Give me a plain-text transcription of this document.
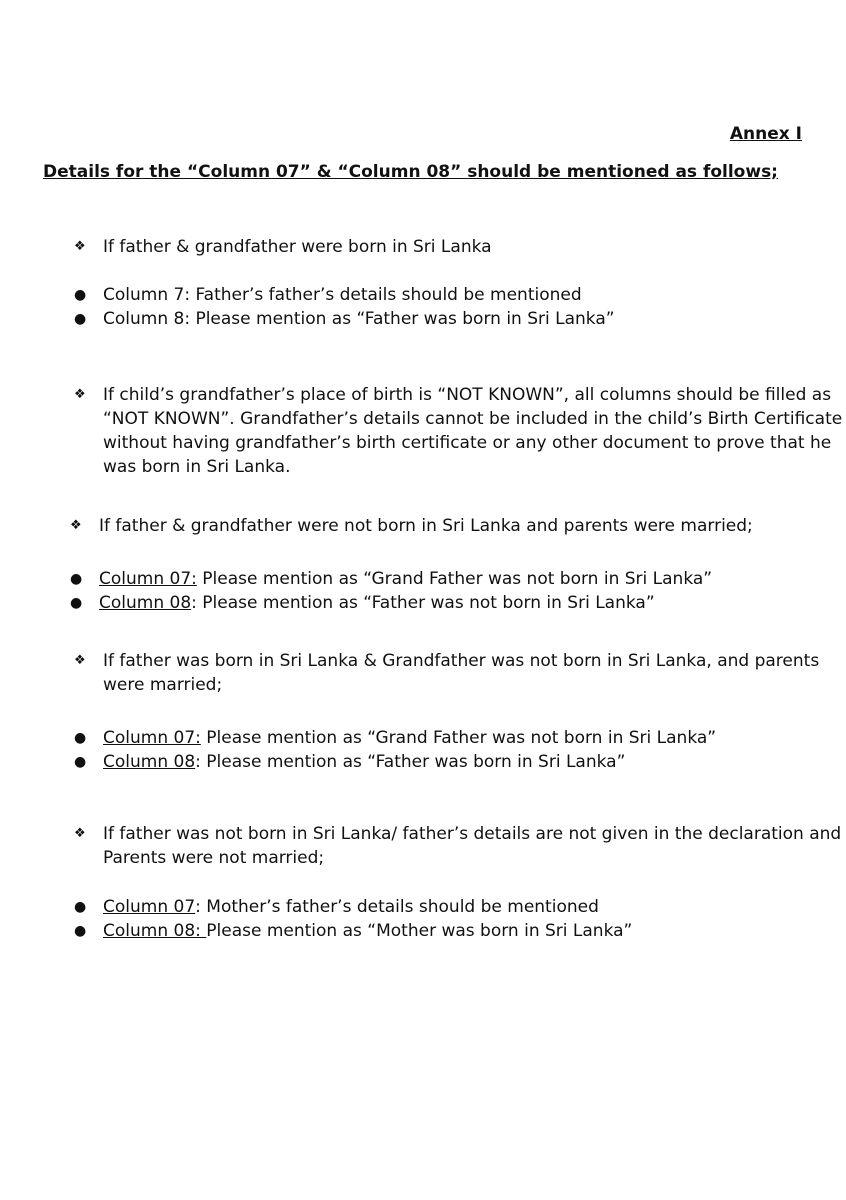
Annex I
Details for the “Column 07” & “Column 08” should be mentioned as follows;
❖ If father & grandfather were born in Sri Lanka
● Column 7: Father’s father’s details should be mentioned
● Column 8: Please mention as “Father was born in Sri Lanka”
❖ If child’s grandfather’s place of birth is “NOT KNOWN”, all columns should be filled as
“NOT KNOWN”. Grandfather’s details cannot be included in the child’s Birth Certificate
without having grandfather’s birth certificate or any other document to prove that he
was born in Sri Lanka.
❖ If father & grandfather were not born in Sri Lanka and parents were married;
● Column 07: Please mention as “Grand Father was not born in Sri Lanka”
● Column 08: Please mention as “Father was not born in Sri Lanka”
❖ If father was born in Sri Lanka & Grandfather was not born in Sri Lanka, and parents
were married;
● Column 07: Please mention as “Grand Father was not born in Sri Lanka”
● Column 08: Please mention as “Father was born in Sri Lanka”
❖ If father was not born in Sri Lanka/ father’s details are not given in the declaration and
Parents were not married;
● Column 07: Mother’s father’s details should be mentioned
● Column 08: Please mention as “Mother was born in Sri Lanka”
